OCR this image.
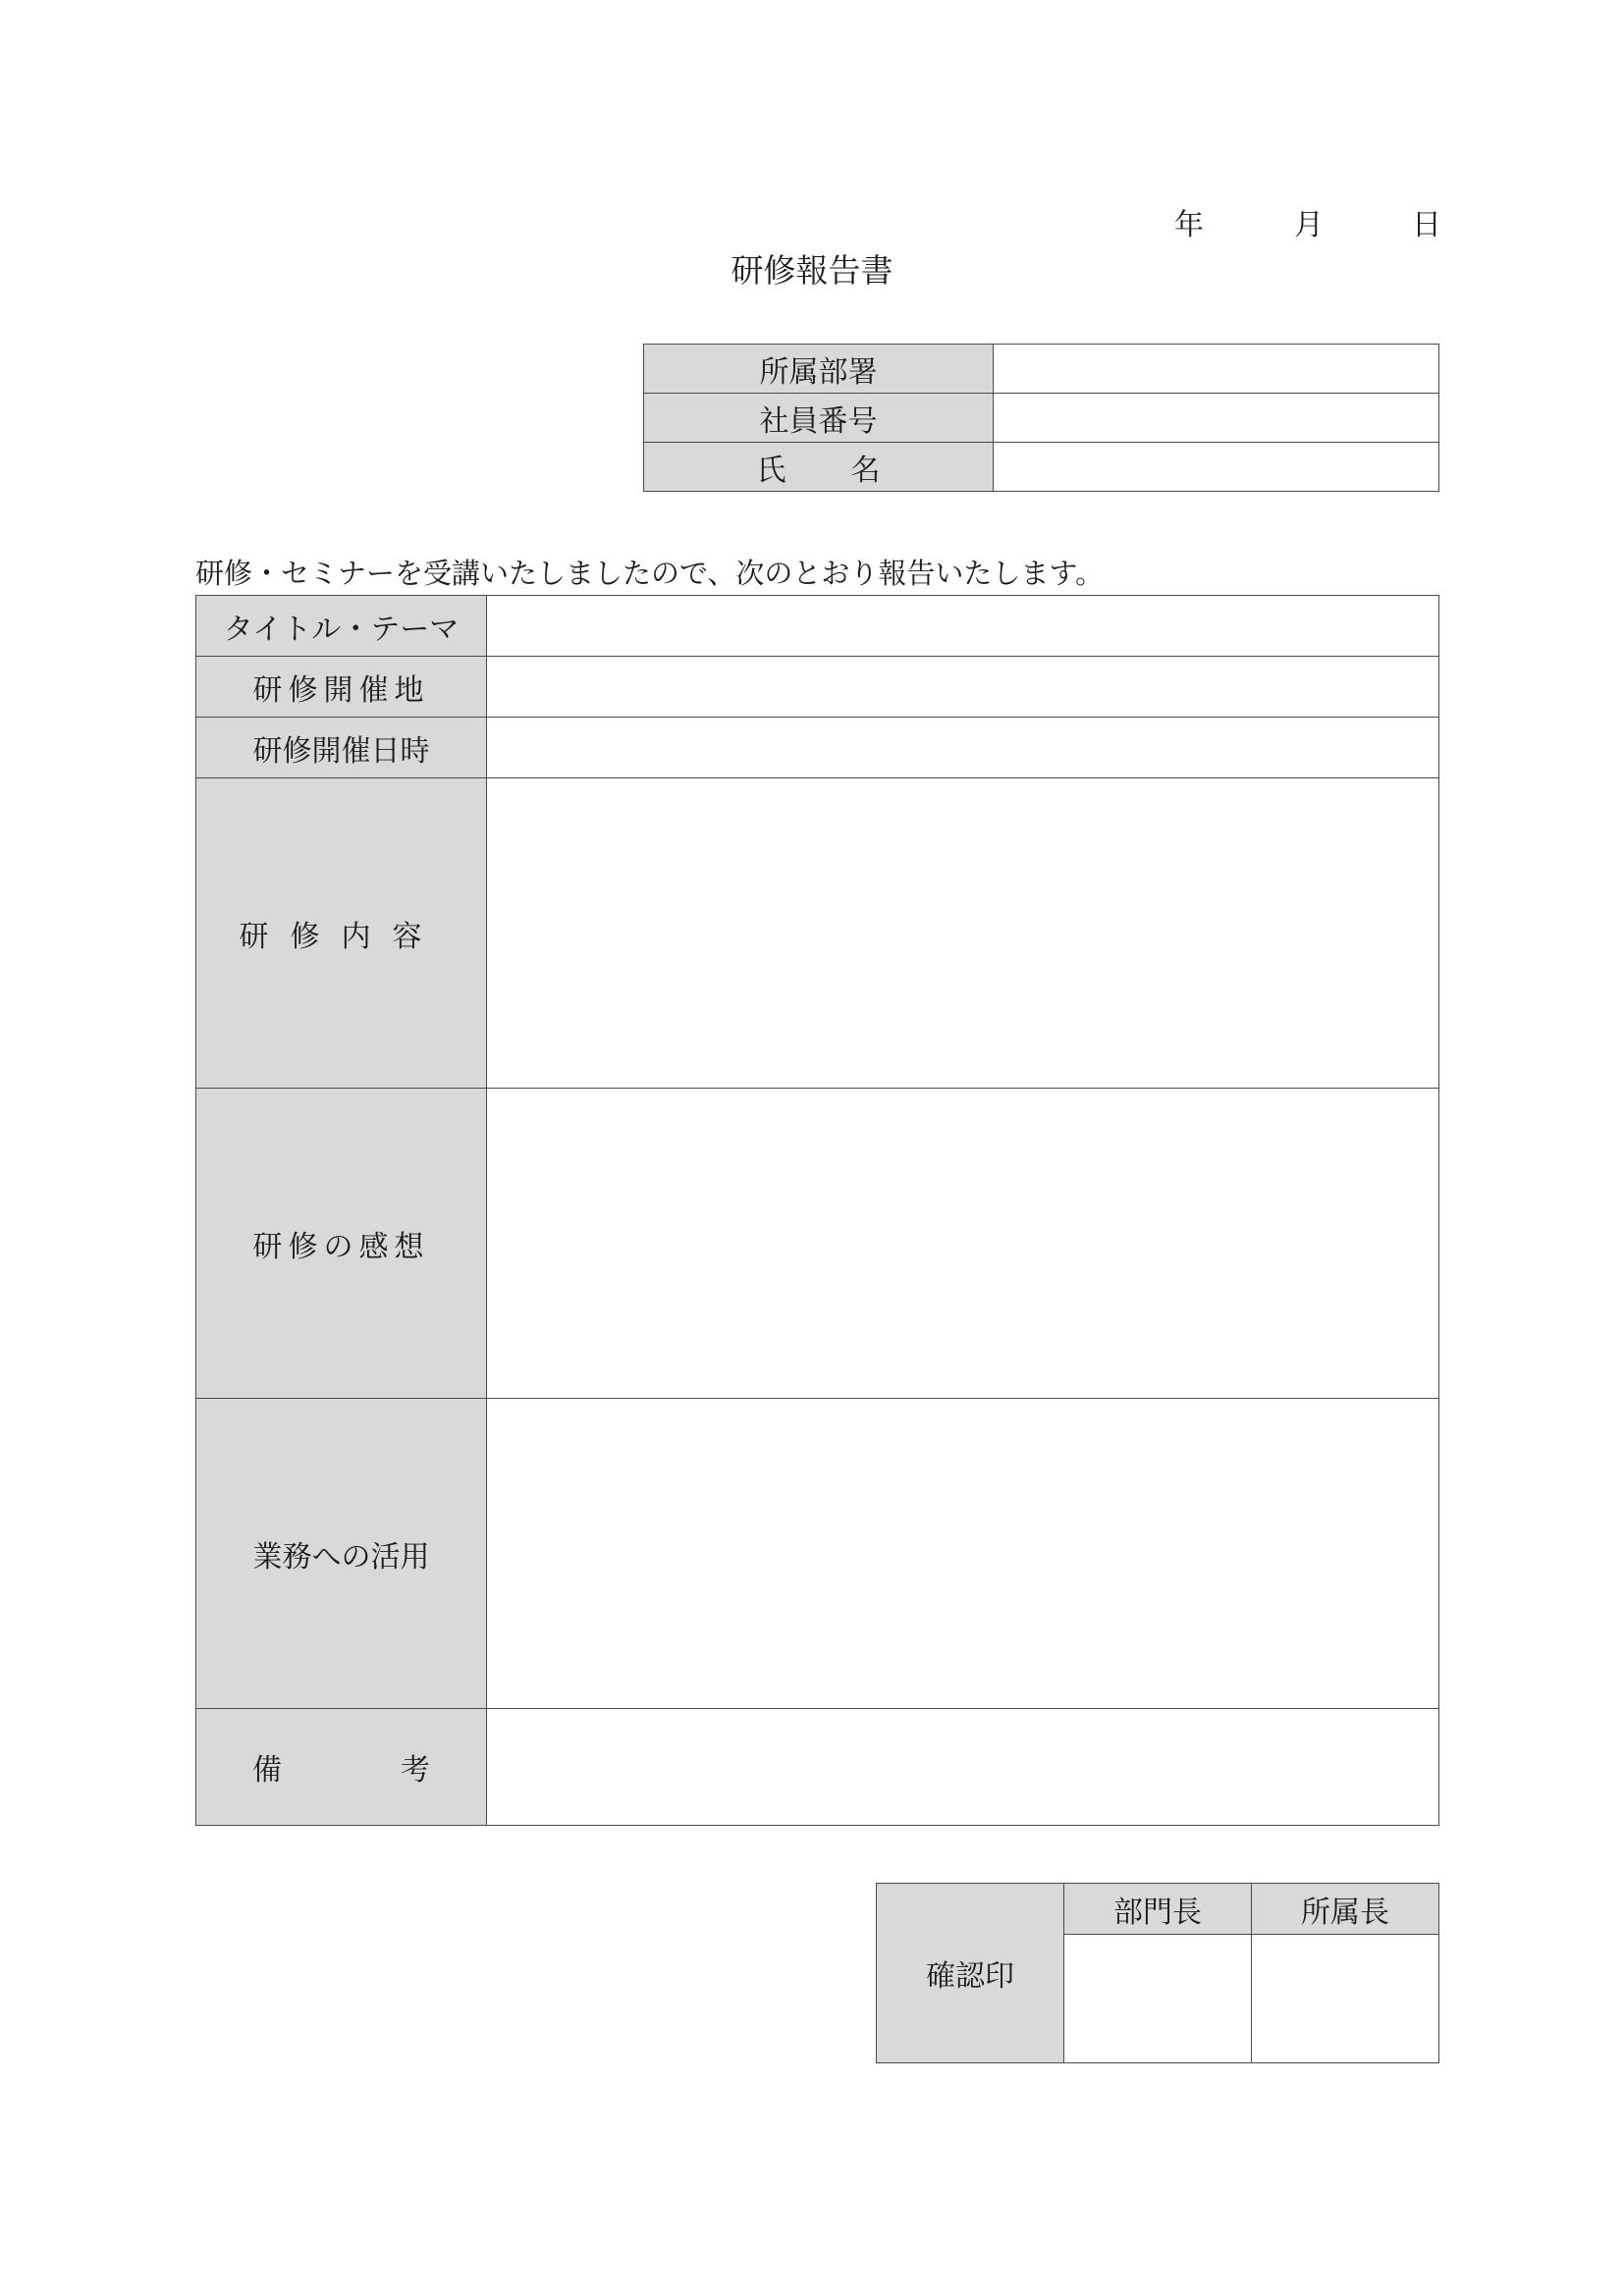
年	月	日
研修報告書
所属部署	
社員番号	
氏 名	
研修・セミナーを受講いたしましたので、次のとおり報告いたします。
タイトル・テーマ	
研修開催地	
研修開催日時	
研修内容	
研修の感想	
業務への活用	

備 考	

確認印	部門長	所属長
